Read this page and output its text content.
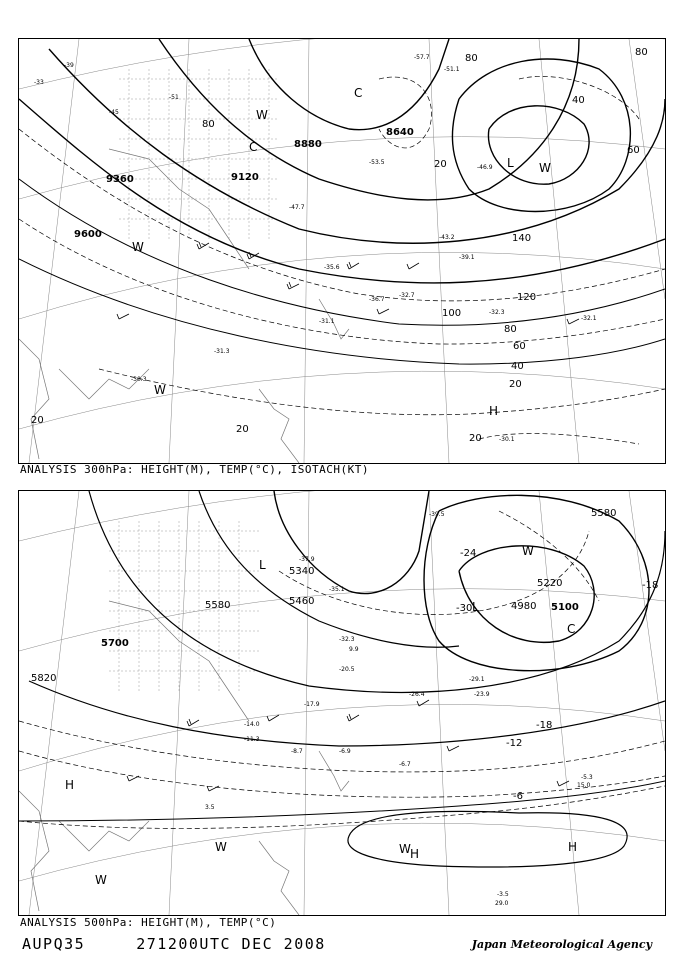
9600
9360	9120
8880
8640
20
20
40
60
80
100
120
140
20
80
80
80
40
60
20
20
L
H
C
W
W
W
C
W
-33
-39
-45
-51
-47.7
-43.2
-39.1
-36.7
-32.7
-32.3
-32.1
-31.1
-31.3
-30.3
-30.1
-46.9
-53.5
-51.1
-57.7
-35.6
ANALYSIS 300hPa: HEIGHT(M), TEMP(°C), ISOTACH(KT)
5820
5700
5580	5460
5340
5220
5100
4980
5580
-6
-12
-18
-24
-30
-18
L
L
C
H
H	H
W
W
W
W
-37.9
-39.5
-35.1
-32.3
-29.1
-26.4	-23.9
-20.5
-17.9
-14.0
-11.3
-8.7	-6.9
-6.7
-5.3
-3.5
29.0
15.0
9.9
3.5
ANALYSIS 500hPa: HEIGHT(M), TEMP(°C)
AUPQ35	271200UTC DEC 2008	Japan Meteorological Agency
